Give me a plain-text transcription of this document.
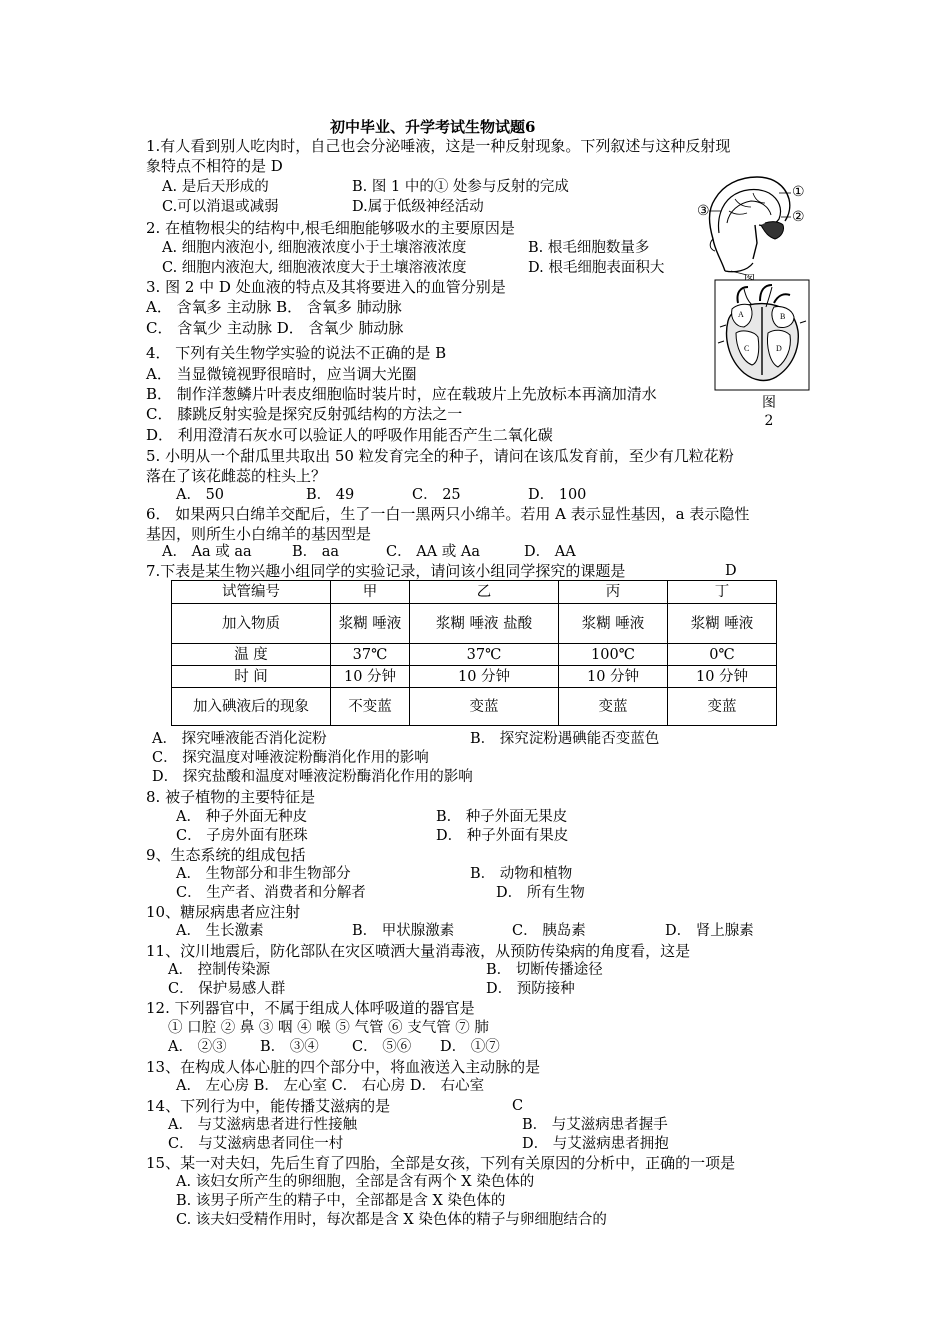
初中毕业、升学考试生物试题6
1.有人看到别人吃肉时，自己也会分泌唾液，这是一种反射现象。下列叙述与这种反射现
象特点不相符的是 D
A. 是后天形成的	B. 图 1 中的① 处参与反射的完成
C.可以消退或减弱	D.属于低级神经活动
2. 在植物根尖的结构中,根毛细胞能够吸水的主要原因是
A. 细胞内液泡小, 细胞液浓度小于土壤溶液浓度	B. 根毛细胞数量多
C. 细胞内液泡大, 细胞液浓度大于土壤溶液浓度	D. 根毛细胞表面积大
3. 图 2 中 D 处血液的特点及其将要进入的血管分别是
A． 含氧多 主动脉 B． 含氧多 肺动脉
C． 含氧少 主动脉 D． 含氧少 肺动脉
4． 下列有关生物学实验的说法不正确的是 B
A． 当显微镜视野很暗时，应当调大光圈
B． 制作洋葱鳞片叶表皮细胞临时装片时，应在载玻片上先放标本再滴加清水
C． 膝跳反射实验是探究反射弧结构的方法之一
D． 利用澄清石灰水可以验证人的呼吸作用能否产生二氧化碳
5. 小明从一个甜瓜里共取出 50 粒发育完全的种子，请问在该瓜发育前，至少有几粒花粉
落在了该花雌蕊的柱头上？
A． 50	B． 49	C． 25	D． 100
6． 如果两只白绵羊交配后，生了一白一黑两只小绵羊。若用 A 表示显性基因，a 表示隐性
基因，则所生小白绵羊的基因型是
A． Aa 或 aa	B． aa	C． AA 或 Aa	D． AA
7.下表是某生物兴趣小组同学的实验记录，请问该小组同学探究的课题是	D
试管编号	甲	乙	丙	丁
加入物质	浆糊 唾液	浆糊 唾液 盐酸	浆糊 唾液	浆糊 唾液
温 度	37℃	37℃	100℃	0℃
时 间	10 分钟	10 分钟	10 分钟	10 分钟
加入碘液后的现象	不变蓝	变蓝	变蓝	变蓝
A． 探究唾液能否消化淀粉	B． 探究淀粉遇碘能否变蓝色
C． 探究温度对唾液淀粉酶消化作用的影响
D． 探究盐酸和温度对唾液淀粉酶消化作用的影响
8. 被子植物的主要特征是
A． 种子外面无种皮	B． 种子外面无果皮
C． 子房外面有胚珠	D． 种子外面有果皮
9、生态系统的组成包括
A． 生物部分和非生物部分	B． 动物和植物
C． 生产者、消费者和分解者	D． 所有生物
10、糖尿病患者应注射
A． 生长激素	B． 甲状腺激素	C． 胰岛素	D． 肾上腺素
11、汶川地震后，防化部队在灾区喷洒大量消毒液，从预防传染病的角度看，这是
A． 控制传染源	B． 切断传播途径
C． 保护易感人群	D． 预防接种
12. 下列器官中，不属于组成人体呼吸道的器官是
① 口腔 ② 鼻 ③ 咽 ④ 喉 ⑤ 气管 ⑥ 支气管 ⑦ 肺
A． ②③ B． ③④ C． ⑤⑥ D． ①⑦
13、在构成人体心脏的四个部分中，将血液送入主动脉的是
A． 左心房 B． 左心室 C． 右心房 D． 右心室
14、下列行为中，能传播艾滋病的是	C
A． 与艾滋病患者进行性接触	B． 与艾滋病患者握手
C． 与艾滋病患者同住一村	D． 与艾滋病患者拥抱
15、某一对夫妇，先后生育了四胎，全部是女孩，下列有关原因的分析中，正确的一项是
A. 该妇女所产生的卵细胞，全部是含有两个 X 染色体的
B. 该男子所产生的精子中，全部都是含 X 染色体的
C. 该夫妇受精作用时，每次都是含 X 染色体的精子与卵细胞结合的
①
②
③
A	B
C	D
图 2
